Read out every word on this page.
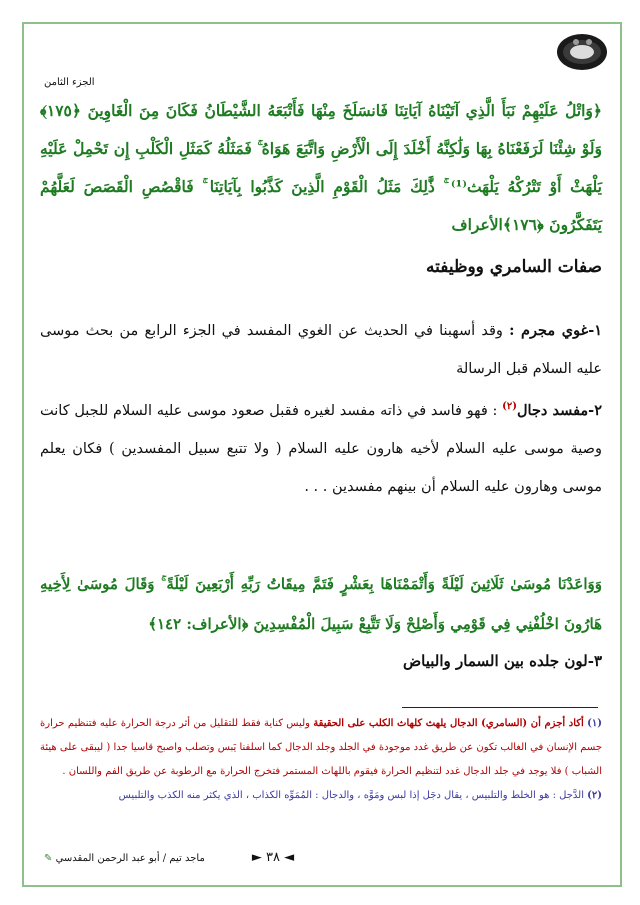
الجزء الثامن
﴿وَاتْلُ عَلَيْهِمْ نَبَأَ الَّذِي آتَيْنَاهُ آيَاتِنَا فَانسَلَخَ مِنْهَا فَأَتْبَعَهُ الشَّيْطَانُ فَكَانَ مِنَ الْغَاوِينَ ﴿١٧٥﴾ وَلَوْ شِئْنَا لَرَفَعْنَاهُ بِهَا وَلَٰكِنَّهُ أَخْلَدَ إِلَى الْأَرْضِ وَاتَّبَعَ هَوَاهُ ۚ فَمَثَلُهُ كَمَثَلِ الْكَلْبِ إِن تَحْمِلْ عَلَيْهِ يَلْهَثْ أَوْ تَتْرُكْهُ يَلْهَث⁽¹⁾ ۚ ذَّٰلِكَ مَثَلُ الْقَوْمِ الَّذِينَ كَذَّبُوا بِآيَاتِنَا ۚ فَاقْصُصِ الْقَصَصَ لَعَلَّهُمْ يَتَفَكَّرُونَ ﴿١٧٦﴾الأعراف
صفات السامري ووظيفته
١-غوي مجرم : وقد أسهبنا في الحديث عن الغوي المفسد في الجزء الرابع من بحث موسى عليه السلام قبل الرسالة
٢-مفسد دجال$^{(٢)}$ : فهو فاسد في ذاته مفسد لغيره فقبل صعود موسى عليه السلام للجبل كانت وصية موسى عليه السلام لأخيه هارون عليه السلام ( ولا تتبع سبيل المفسدين ) فكان يعلم موسى وهارون عليه السلام أن بينهم مفسدين . . .
وَوَاعَدْنَا مُوسَىٰ ثَلَاثِينَ لَيْلَةً وَأَتْمَمْنَاهَا بِعَشْرٍ فَتَمَّ مِيقَاتُ رَبِّهِ أَرْبَعِينَ لَيْلَةً ۚ وَقَالَ مُوسَىٰ لِأَخِيهِ هَارُونَ اخْلُفْنِي فِي قَوْمِي وَأَصْلِحْ وَلَا تَتَّبِعْ سَبِيلَ الْمُفْسِدِينَ ﴿الأعراف: ١٤٢﴾
٣-لون جلده بين السمار والبياض
(١) أكاد أجزم أن (السامري) الدجال يلهث كلهاث الكلب على الحقيقة وليس كناية فقط للتقليل من أثر درجة الحرارة عليه فتنظيم حرارة جسم الإنسان في الغالب تكون عن طريق غدد موجودة في الجلد وجلد الدجال كما اسلفنا يَبس وتصلب واصبح قاسيا جدا ( ليبقى على هيئة الشباب ) فلا يوجد في جلد الدجال غدد لتنظيم الحرارة فيقوم باللهاث المستمر فتخرج الحرارة مع الرطوبة عن طريق الفم واللسان .
(٢) الدَّجل : هو الخلط والتلبيس ، يقال دجَل إذا لبس ومَوَّه ، والدجال : المُمَوِّه الكذاب ، الذي يكثر منه الكذب والتلبيس
◄ ٣٨ ►
ماجد تيم / أبو عبد الرحمن المقدسي ✎
